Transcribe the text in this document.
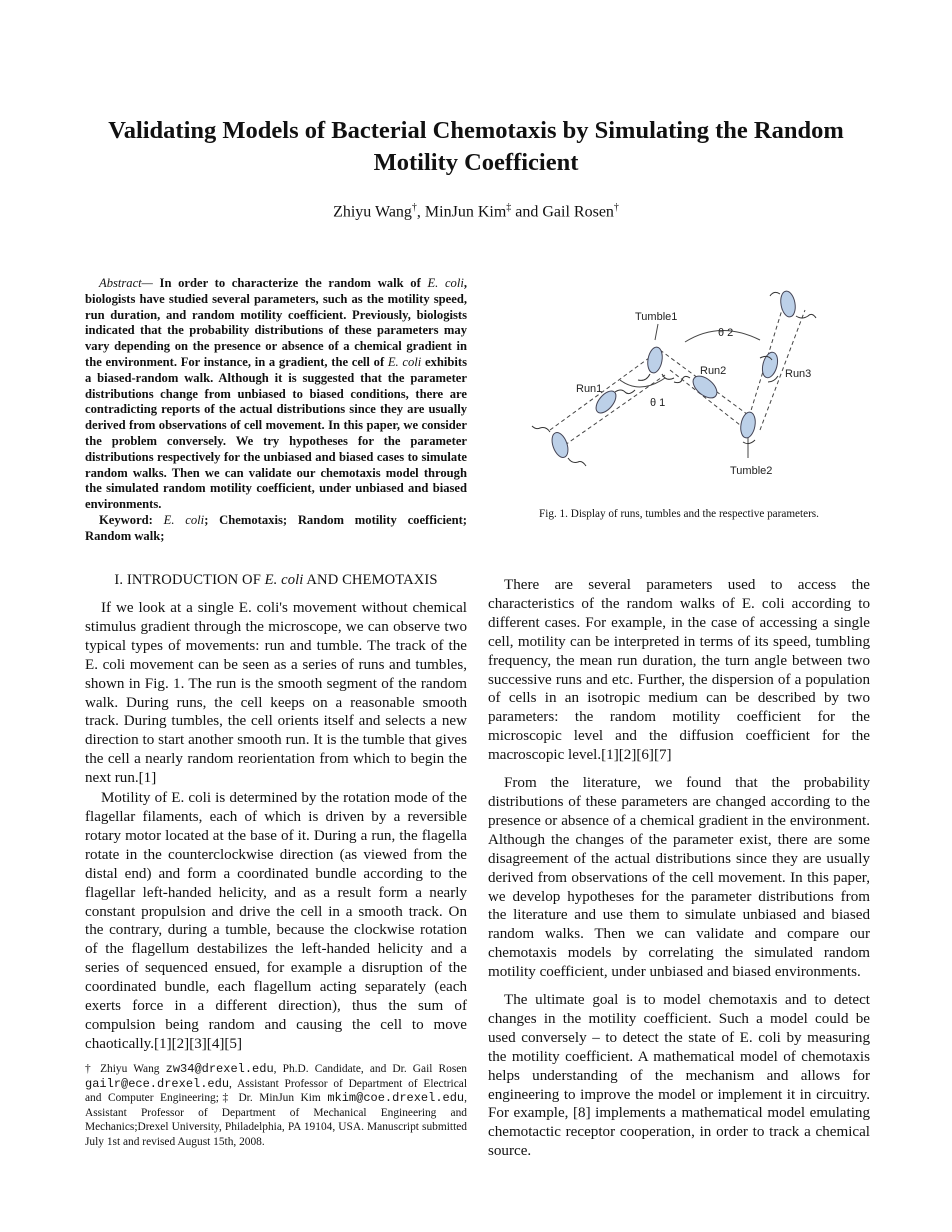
Validating Models of Bacterial Chemotaxis by Simulating the Random Motility Coefficient
Zhiyu Wang†, MinJun Kim‡ and Gail Rosen†

Abstract— In order to characterize the random walk of E. coli, biologists have studied several parameters, such as the motility speed, run duration, and random motility coefficient. Previously, biologists indicated that the probability distributions of these parameters may vary depending on the presence or absence of a chemical gradient in the environment. For instance, in a gradient, the cell of E. coli exhibits a biased-random walk. Although it is suggested that the parameter distributions change from unbiased to biased conditions, there are contradicting reports of the actual distributions since they are usually derived from observations of cell movement. In this paper, we consider the problem conversely. We try hypotheses for the parameter distributions respectively for the unbiased and biased cases to simulate random walks. Then we can validate our chemotaxis model through the simulated random motility coefficient, under unbiased and biased environments.

Keyword: E. coli; Chemotaxis; Random motility coefficient; Random walk;

Tumble1
Run1
Run2	Run3
θ 1
θ 2
Tumble2
Fig. 1. Display of runs, tumbles and the respective parameters.
I. INTRODUCTION OF E. coli AND CHEMOTAXIS

If we look at a single E. coli's movement without chemical stimulus gradient through the microscope, we can observe two typical types of movements: run and tumble. The track of the E. coli movement can be seen as a series of runs and tumbles, shown in Fig. 1. The run is the smooth segment of the random walk. During runs, the cell keeps on a reasonable smooth track. During tumbles, the cell orients itself and selects a new direction to start another smooth run. It is the tumble that gives the cell a nearly random reorientation from which to begin the next run.[1]

Motility of E. coli is determined by the rotation mode of the flagellar filaments, each of which is driven by a reversible rotary motor located at the base of it. During a run, the flagella rotate in the counterclockwise direction (as viewed from the distal end) and form a coordinated bundle according to the flagellar left-handed helicity, and as a result form a nearly constant propulsion and drive the cell in a smooth track. On the contrary, during a tumble, because the clockwise rotation of the flagellum destabilizes the left-handed helicity and a series of sequenced ensued, for example a disruption of the coordinated bundle, each flagellum acting separately (each exerts force in a different direction), thus the sum of compulsion being random and causing the cell to move chaotically.[1][2][3][4][5]

† Zhiyu Wang zw34@drexel.edu, Ph.D. Candidate, and Dr. Gail Rosen gailr@ece.drexel.edu, Assistant Professor of Department of Electrical and Computer Engineering;‡ Dr. MinJun Kim mkim@coe.drexel.edu, Assistant Professor of Department of Mechanical Engineering and Mechanics;Drexel University, Philadelphia, PA 19104, USA. Manuscript submitted July 1st and revised August 15th, 2008.

There are several parameters used to access the characteristics of the random walks of E. coli according to different cases. For example, in the case of accessing a single cell, motility can be interpreted in terms of its speed, tumbling frequency, the mean run duration, the turn angle between two successive runs and etc. Further, the dispersion of a population of cells in an isotropic medium can be described by two parameters: the random motility coefficient for the microscopic level and the diffusion coefficient for the macroscopic level.[1][2][6][7]

From the literature, we found that the probability distributions of these parameters are changed according to the presence or absence of a chemical gradient in the environment. Although the changes of the parameter exist, there are some disagreement of the actual distributions since they are usually derived from observations of the cell movement. In this paper, we develop hypotheses for the parameter distributions from the literature and use them to simulate unbiased and biased random walks. Then we can validate and compare our chemotaxis models by correlating the simulated random motility coefficient, under unbiased and biased environments.

The ultimate goal is to model chemotaxis and to detect changes in the motility coefficient. Such a model could be used conversely – to detect the state of E. coli by measuring the motility coefficient. A mathematical model of chemotaxis helps understanding of the mechanism and allows for engineering to improve the model or implement it in circuitry. For example, [8] implements a mathematical model emulating chemotactic receptor cooperation, in order to track a chemical source.
